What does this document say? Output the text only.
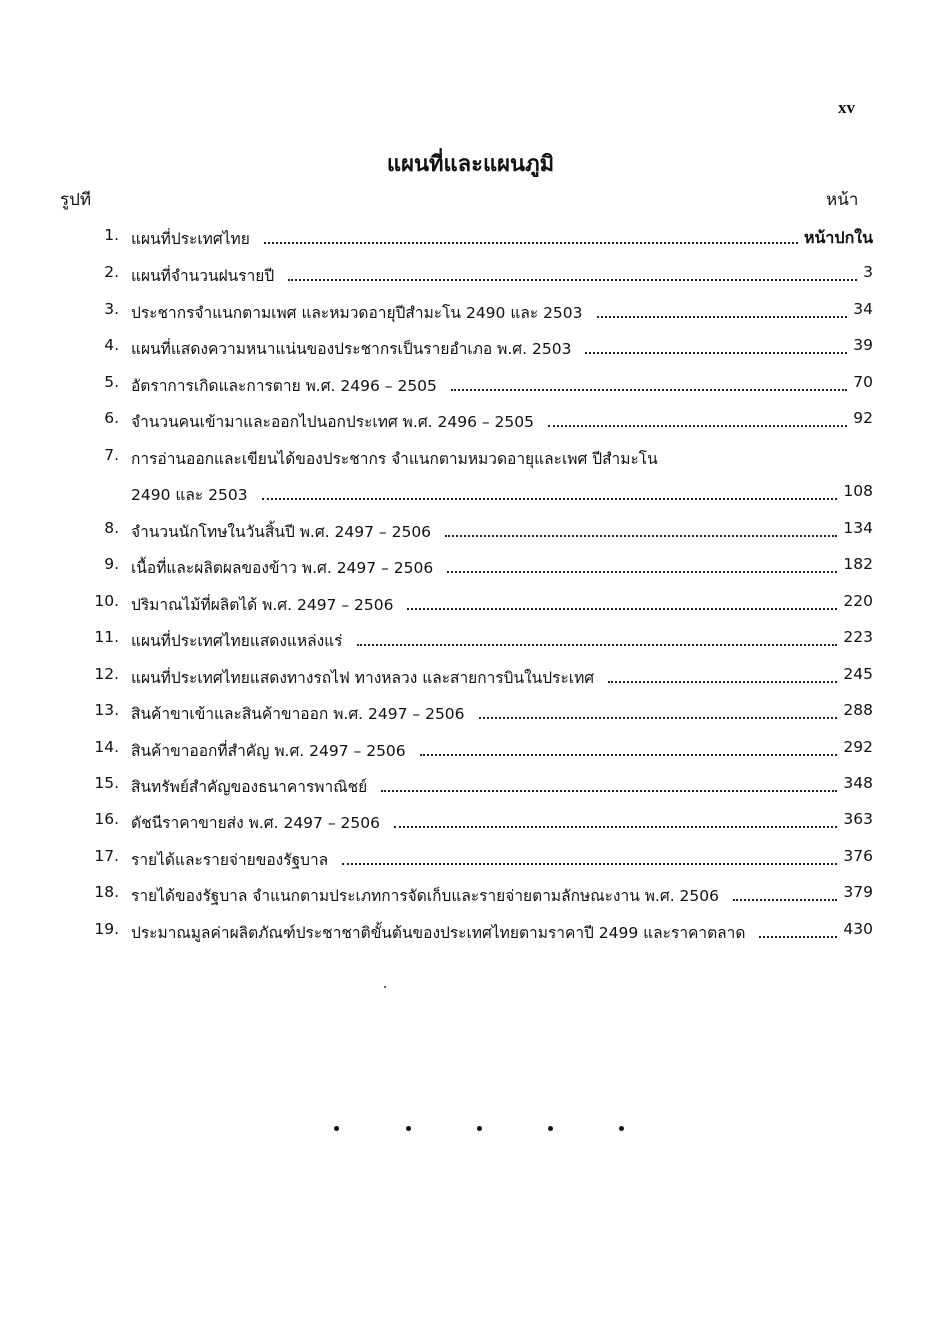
xv
แผนที่และแผนภูมิ
รูปที	หน้า
1. แผนที่ประเทศไทย	หน้าปกใน
2. แผนที่จำนวนฝนรายปี	3
3. ประชากรจำแนกตามเพศ และหมวดอายุปีสำมะโน 2490 และ 2503	34
4. แผนที่แสดงความหนาแน่นของประชากรเป็นรายอำเภอ พ.ศ. 2503	39
5. อัตราการเกิดและการตาย พ.ศ. 2496 – 2505	70
6. จำนวนคนเข้ามาและออกไปนอกประเทศ พ.ศ. 2496 – 2505	92
7. การอ่านออกและเขียนได้ของประชากร จำแนกตามหมวดอายุและเพศ ปีสำมะโน
2490 และ 2503	108
8. จำนวนนักโทษในวันสิ้นปี พ.ศ. 2497 – 2506	134
9. เนื้อที่และผลิตผลของข้าว พ.ศ. 2497 – 2506	182
10. ปริมาณไม้ที่ผลิตได้ พ.ศ. 2497 – 2506	220
11. แผนที่ประเทศไทยแสดงแหล่งแร่	223
12. แผนที่ประเทศไทยแสดงทางรถไฟ ทางหลวง และสายการบินในประเทศ	245
13. สินค้าขาเข้าและสินค้าขาออก พ.ศ. 2497 – 2506	288
14. สินค้าขาออกที่สำคัญ พ.ศ. 2497 – 2506	292
15. สินทรัพย์สำคัญของธนาคารพาณิชย์	348
16. ดัชนีราคาขายส่ง พ.ศ. 2497 – 2506	363
17. รายได้และรายจ่ายของรัฐบาล	376
18. รายได้ของรัฐบาล จำแนกตามประเภทการจัดเก็บและรายจ่ายตามลักษณะงาน พ.ศ. 2506	379
19. ประมาณมูลค่าผลิตภัณฑ์ประชาชาติขั้นต้นของประเทศไทยตามราคาปี 2499 และราคาตลาด	430
